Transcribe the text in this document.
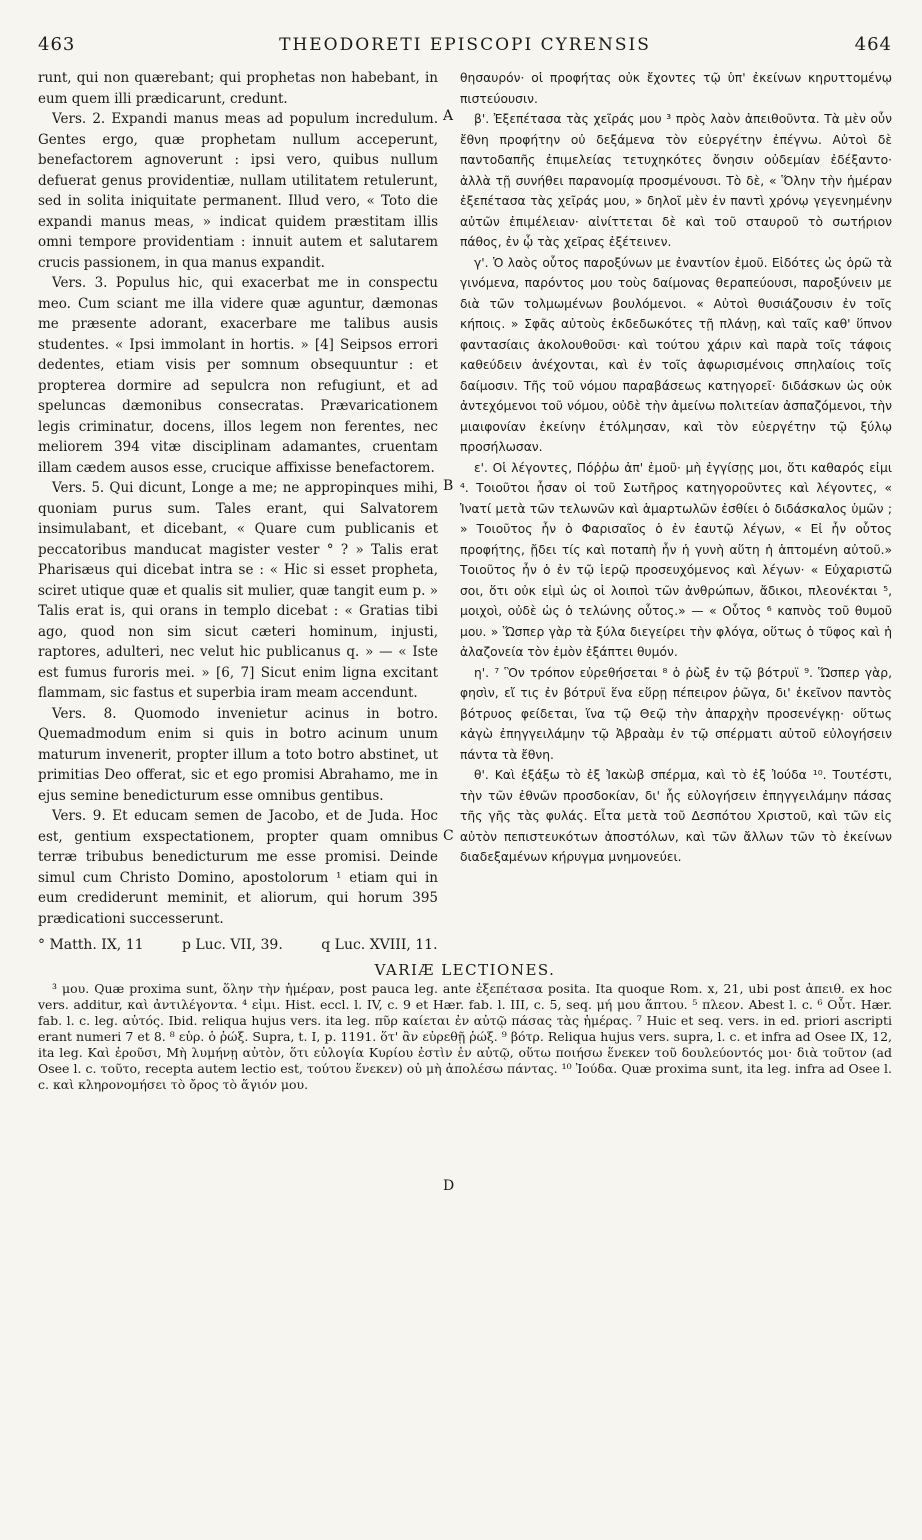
463	THEODORETI EPISCOPI CYRENSIS	464

runt, qui non quærebant; qui prophetas non habebant, in eum quem illi prædicarunt, credunt.

Vers. 2. Expandi manus meas ad populum incredulum. Gentes ergo, quæ prophetam nullum acceperunt, benefactorem agnoverunt : ipsi vero, quibus nullum defuerat genus providentiæ, nullam utilitatem retulerunt, sed in solita iniquitate permanent. Illud vero, « Toto die expandi manus meas, » indicat quidem præstitam illis omni tempore providentiam : innuit autem et salutarem crucis passionem, in qua manus expandit.

Vers. 3. Populus hic, qui exacerbat me in conspectu meo. Cum sciant me illa videre quæ aguntur, dæmonas me præsente adorant, exacerbare me talibus ausis studentes. « Ipsi immolant in hortis. » [4] Seipsos errori dedentes, etiam visis per somnum obsequuntur : et propterea dormire ad sepulcra non refugiunt, et ad speluncas dæmonibus consecratas. Prævaricationem legis criminatur, docens, illos legem non ferentes, nec meliorem 394 vitæ disciplinam adamantes, cruentam illam cædem ausos esse, crucique affixisse benefactorem.

Vers. 5. Qui dicunt, Longe a me; ne appropinques mihi, quoniam purus sum. Tales erant, qui Salvatorem insimulabant, et dicebant, « Quare cum publicanis et peccatoribus manducat magister vester ° ? » Talis erat Pharisæus qui dicebat intra se : « Hic si esset propheta, sciret utique quæ et qualis sit mulier, quæ tangit eum p. » Talis erat is, qui orans in templo dicebat : « Gratias tibi ago, quod non sim sicut cæteri hominum, injusti, raptores, adulteri, nec velut hic publicanus q. » — « Iste est fumus furoris mei. » [6, 7] Sicut enim ligna excitant flammam, sic fastus et superbia iram meam accendunt.

Vers. 8. Quomodo invenietur acinus in botro. Quemadmodum enim si quis in botro acinum unum maturum invenerit, propter illum a toto botro abstinet, ut primitias Deo offerat, sic et ego promisi Abrahamo, me in ejus semine benedicturum esse omnibus gentibus.

Vers. 9. Et educam semen de Jacobo, et de Juda. Hoc est, gentium exspectationem, propter quam omnibus terræ tribubus benedicturum me esse promisi. Deinde simul cum Christo Domino, apostolorum ¹ etiam qui in eum crediderunt meminit, et aliorum, qui horum 395 prædicationi successerunt.

A
B
C
D

θησαυρόν· οἱ προφήτας οὐκ ἔχοντες τῷ ὑπ' ἐκείνων κηρυττομένῳ πιστεύουσιν.

β'. Ἐξεπέτασα τὰς χεῖράς μου ³ πρὸς λαὸν ἀπειθοῦντα. Τὰ μὲν οὖν ἔθνη προφήτην οὐ δεξάμενα τὸν εὐεργέτην ἐπέγνω. Αὐτοὶ δὲ παντοδαπῆς ἐπιμελείας τετυχηκότες ὄνησιν οὐδεμίαν ἐδέξαντο· ἀλλὰ τῇ συνήθει παρανομίᾳ προσμένουσι. Τὸ δὲ, « Ὅλην τὴν ἡμέραν ἐξεπέτασα τὰς χεῖράς μου, » δηλοῖ μὲν ἐν παντὶ χρόνῳ γεγενημένην αὐτῶν ἐπιμέλειαν· αἰνίττεται δὲ καὶ τοῦ σταυροῦ τὸ σωτήριον πάθος, ἐν ᾧ τὰς χεῖρας ἐξέτεινεν.

γ'. Ὁ λαὸς οὗτος παροξύνων με ἐναντίον ἐμοῦ. Εἰδότες ὡς ὁρῶ τὰ γινόμενα, παρόντος μου τοὺς δαίμονας θεραπεύουσι, παροξύνειν με διὰ τῶν τολμωμένων βουλόμενοι. « Αὐτοὶ θυσιάζουσιν ἐν τοῖς κήποις. » Σφᾶς αὐτοὺς ἐκδεδωκότες τῇ πλάνῃ, καὶ ταῖς καθ' ὕπνον φαντασίαις ἀκολουθοῦσι· καὶ τούτου χάριν καὶ παρὰ τοῖς τάφοις καθεύδειν ἀνέχονται, καὶ ἐν τοῖς ἀφωρισμένοις σπηλαίοις τοῖς δαίμοσιν. Τῆς τοῦ νόμου παραβάσεως κατηγορεῖ· διδάσκων ὡς οὐκ ἀντεχόμενοι τοῦ νόμου, οὐδὲ τὴν ἀμείνω πολιτείαν ἀσπαζόμενοι, τὴν μιαιφονίαν ἐκείνην ἐτόλμησαν, καὶ τὸν εὐεργέτην τῷ ξύλῳ προσήλωσαν.

ε'. Οἱ λέγοντες, Πόῤῥω ἀπ' ἐμοῦ· μὴ ἐγγίσῃς μοι, ὅτι καθαρός εἰμι ⁴. Τοιοῦτοι ἦσαν οἱ τοῦ Σωτῆρος κατηγοροῦντες καὶ λέγοντες, « Ἱνατί μετὰ τῶν τελωνῶν καὶ ἁμαρτωλῶν ἐσθίει ὁ διδάσκαλος ὑμῶν ; » Τοιοῦτος ἦν ὁ Φαρισαῖος ὁ ἐν ἑαυτῷ λέγων, « Εἰ ἦν οὗτος προφήτης, ᾔδει τίς καὶ ποταπὴ ἦν ἡ γυνὴ αὕτη ἡ ἁπτομένη αὐτοῦ.» Τοιοῦτος ἦν ὁ ἐν τῷ ἱερῷ προσευχόμενος καὶ λέγων· « Εὐχαριστῶ σοι, ὅτι οὐκ εἰμὶ ὡς οἱ λοιποὶ τῶν ἀνθρώπων, ἄδικοι, πλεονέκται ⁵, μοιχοὶ, οὐδὲ ὡς ὁ τελώνης οὗτος.» — « Οὗτος ⁶ καπνὸς τοῦ θυμοῦ μου. » Ὥσπερ γὰρ τὰ ξύλα διεγείρει τὴν φλόγα, οὕτως ὁ τῦφος καὶ ἡ ἀλαζονεία τὸν ἐμὸν ἐξάπτει θυμόν.

η'. ⁷ Ὃν τρόπον εὑρεθήσεται ⁸ ὁ ῥὼξ ἐν τῷ βότρυϊ ⁹. Ὥσπερ γὰρ, φησὶν, εἴ τις ἐν βότρυϊ ἕνα εὕρῃ πέπειρον ῥῶγα, δι' ἐκεῖνον παντὸς βότρυος φείδεται, ἵνα τῷ Θεῷ τὴν ἀπαρχὴν προσενέγκῃ· οὕτως κἀγὼ ἐπηγγειλάμην τῷ Ἀβραὰμ ἐν τῷ σπέρματι αὐτοῦ εὐλογήσειν πάντα τὰ ἔθνη.

θ'. Καὶ ἐξάξω τὸ ἐξ Ἰακὼβ σπέρμα, καὶ τὸ ἐξ Ἰούδα ¹⁰. Τουτέστι, τὴν τῶν ἐθνῶν προσδοκίαν, δι' ἧς εὐλογήσειν ἐπηγγειλάμην πάσας τῆς γῆς τὰς φυλάς. Εἶτα μετὰ τοῦ Δεσπότου Χριστοῦ, καὶ τῶν εἰς αὐτὸν πεπιστευκότων ἀποστόλων, καὶ τῶν ἄλλων τῶν τὸ ἐκείνων διαδεξαμένων κήρυγμα μνημονεύει.

° Matth. IX, 11	p Luc. VII, 39.	q Luc. XVIII, 11.
VARIÆ LECTIONES.

³ μου. Quæ proxima sunt, ὅλην τὴν ἡμέραν, post pauca leg. ante ἐξεπέτασα posita. Ita quoque Rom. x, 21, ubi post ἀπειθ. ex hoc vers. additur, καὶ ἀντιλέγοντα. ⁴ εἰμι. Hist. eccl. l. IV, c. 9 et Hær. fab. l. III, c. 5, seq. μή μου ἅπτου. ⁵ πλεον. Abest l. c. ⁶ Οὗτ. Hær. fab. l. c. leg. αὐτός. Ibid. reliqua hujus vers. ita leg. πῦρ καίεται ἐν αὐτῷ πάσας τὰς ἡμέρας. ⁷ Huic et seq. vers. in ed. priori ascripti erant numeri 7 et 8. ⁸ εὑρ. ὁ ῥώξ. Supra, t. I, p. 1191. ὅτ' ἂν εὑρεθῇ ῥώξ. ⁹ βότρ. Reliqua hujus vers. supra, l. c. et infra ad Osee IX, 12, ita leg. Καὶ ἐροῦσι, Μὴ λυμήνῃ αὐτὸν, ὅτι εὐλογία Κυρίου ἐστὶν ἐν αὐτῷ, οὕτω ποιήσω ἕνεκεν τοῦ δουλεύοντός μοι· διὰ τοῦτον (ad Osee l. c. τοῦτο, recepta autem lectio est, τούτου ἕνεκεν) οὐ μὴ ἀπολέσω πάντας. ¹⁰ Ἰούδα. Quæ proxima sunt, ita leg. infra ad Osee l. c. καὶ κληρονομήσει τὸ ὄρος τὸ ἅγιόν μου.
